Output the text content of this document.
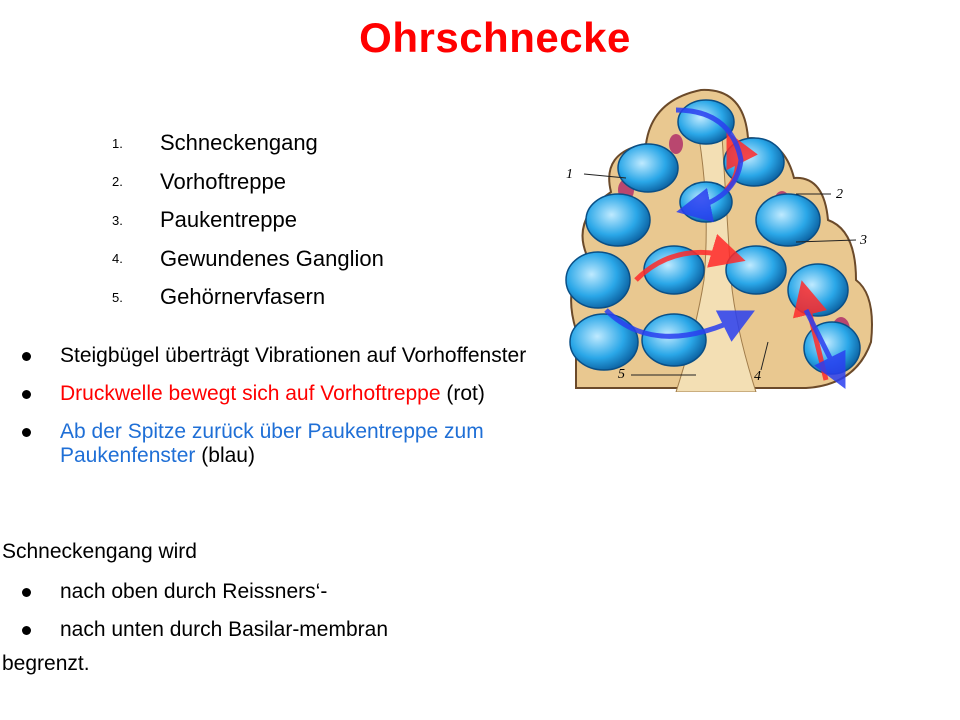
Ohrschnecke
1.	Schneckengang
2.	Vorhoftreppe
3.	Paukentreppe
4.	Gewundenes Ganglion
5.	Gehörnervfasern
Steigbügel überträgt Vibrationen auf Vorhoffenster
Druckwelle bewegt sich auf Vorhoftreppe (rot)
Ab der Spitze zurück über Paukentreppe zum Paukenfenster (blau)
Schneckengang wird
nach oben durch Reissners‘-
nach unten durch Basilar-membran
begrenzt.
1
2
3
4
5
